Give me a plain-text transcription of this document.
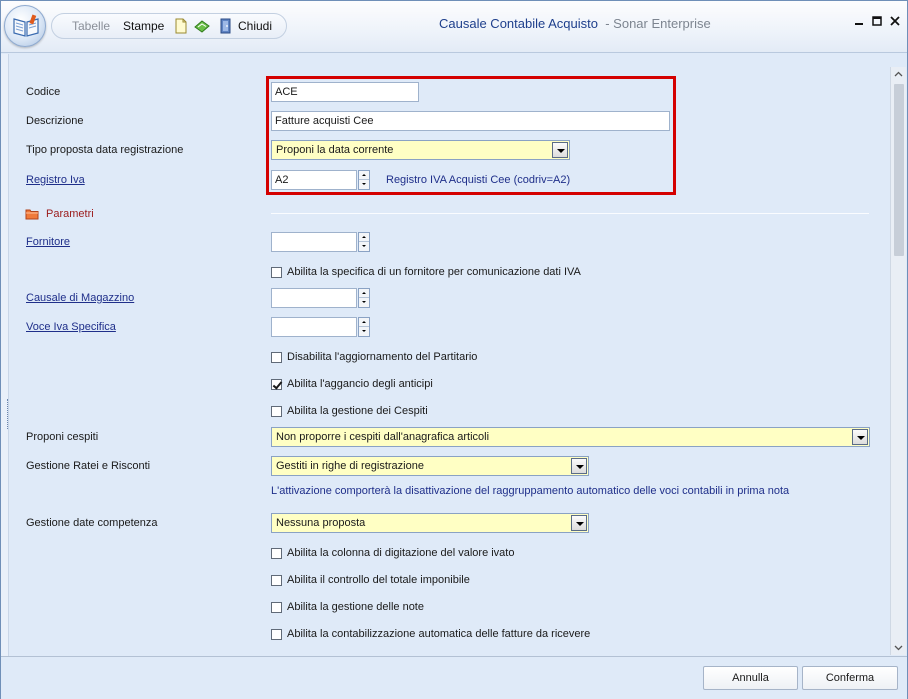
Tabelle Stampe	Chiudi	Causale Contabile Acquisto - Sonar Enterprise
Codice	ACE
Descrizione	Fatture acquisti Cee
Tipo proposta data registrazione	Proponi la data corrente
Registro Iva	A2	Registro IVA Acquisti Cee (codriv=A2)
Parametri
Fornitore
Abilita la specifica di un fornitore per comunicazione dati IVA
Causale di Magazzino
Voce Iva Specifica
Disabilita l'aggiornamento del Partitario
Abilita l'aggancio degli anticipi
Abilita la gestione dei Cespiti
Proponi cespiti	Non proporre i cespiti dall'anagrafica articoli
Gestione Ratei e Risconti	Gestiti in righe di registrazione
L'attivazione comporterà la disattivazione del raggruppamento automatico delle voci contabili in prima nota
Gestione date competenza	Nessuna proposta
Abilita la colonna di digitazione del valore ivato
Abilita il controllo del totale imponibile
Abilita la gestione delle note
Abilita la contabilizzazione automatica delle fatture da ricevere
Annulla	Conferma
